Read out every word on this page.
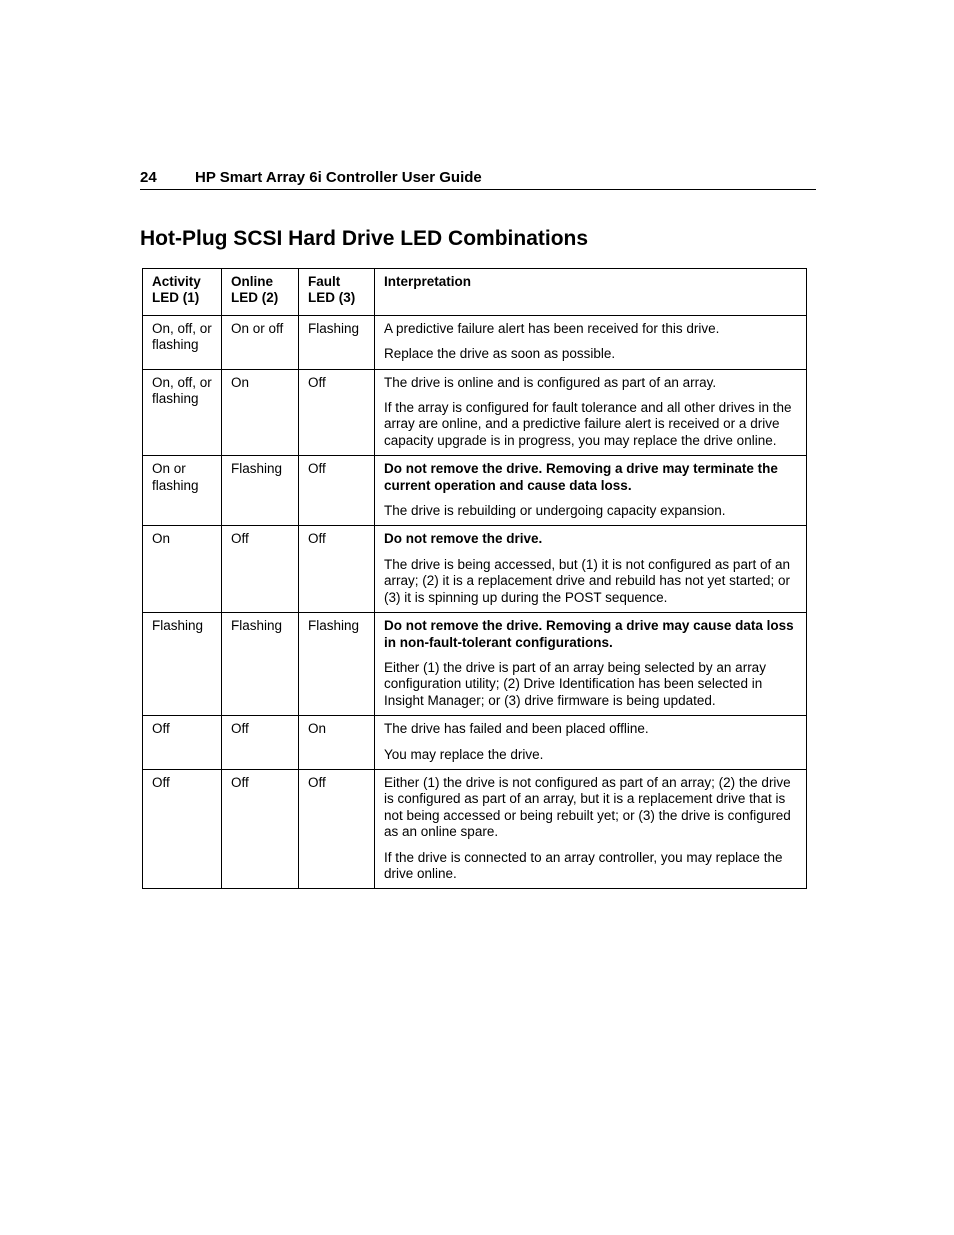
24	HP Smart Array 6i Controller User Guide
Hot-Plug SCSI Hard Drive LED Combinations
Activity LED (1)	Online LED (2)	Fault LED (3)	Interpretation
On, off, or flashing	On or off	Flashing	A predictive failure alert has been received for this drive.

Replace the drive as soon as possible.

On, off, or flashing	On	Off	The drive is online and is configured as part of an array.

If the array is configured for fault tolerance and all other drives in the array are online, and a predictive failure alert is received or a drive capacity upgrade is in progress, you may replace the drive online.

On or flashing	Flashing	Off	Do not remove the drive. Removing a drive may terminate the current operation and cause data loss.

The drive is rebuilding or undergoing capacity expansion.

On	Off	Off	Do not remove the drive.

The drive is being accessed, but (1) it is not configured as part of an array; (2) it is a replacement drive and rebuild has not yet started; or (3) it is spinning up during the POST sequence.

Flashing	Flashing	Flashing	Do not remove the drive. Removing a drive may cause data loss in non-fault-tolerant configurations.

Either (1) the drive is part of an array being selected by an array configuration utility; (2) Drive Identification has been selected in Insight Manager; or (3) drive firmware is being updated.

Off	Off	On	The drive has failed and been placed offline.

You may replace the drive.

Off	Off	Off	Either (1) the drive is not configured as part of an array; (2) the drive is configured as part of an array, but it is a replacement drive that is not being accessed or being rebuilt yet; or (3) the drive is configured as an online spare.

If the drive is connected to an array controller, you may replace the drive online.
